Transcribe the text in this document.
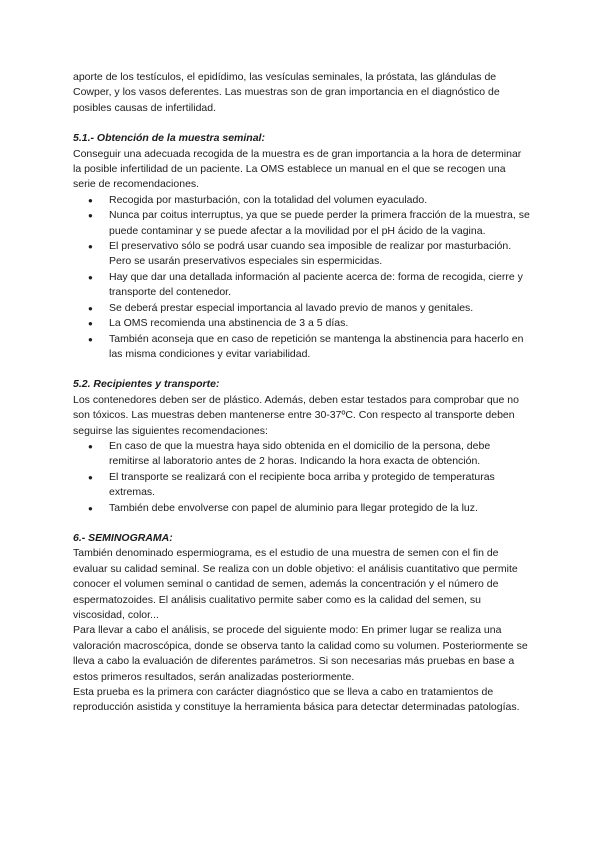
aporte de los testículos, el epidídimo, las vesículas seminales, la próstata, las glándulas de Cowper, y los vasos deferentes. Las muestras son de gran importancia en el diagnóstico de posibles causas de infertilidad.

5.1.- Obtención de la muestra seminal:

Conseguir una adecuada recogida de la muestra es de gran importancia a la hora de determinar la posible infertilidad de un paciente. La OMS establece un manual en el que se recogen una serie de recomendaciones.

● Recogida por masturbación, con la totalidad del volumen eyaculado.
● Nunca par coitus interruptus, ya que se puede perder la primera fracción de la muestra, se puede contaminar y se puede afectar a la movilidad por el pH ácido de la vagina.
● El preservativo sólo se podrá usar cuando sea imposible de realizar por masturbación. Pero se usarán preservativos especiales sin espermicidas.
● Hay que dar una detallada información al paciente acerca de: forma de recogida, cierre y transporte del contenedor.
● Se deberá prestar especial importancia al lavado previo de manos y genitales.
● La OMS recomienda una abstinencia de 3 a 5 días.
● También aconseja que en caso de repetición se mantenga la abstinencia para hacerlo en las misma condiciones y evitar variabilidad.

5.2. Recipientes y transporte:

Los contenedores deben ser de plástico. Además, deben estar testados para comprobar que no son tóxicos. Las muestras deben mantenerse entre 30-37ºC. Con respecto al transporte deben seguirse las siguientes recomendaciones:

● En caso de que la muestra haya sido obtenida en el domicilio de la persona, debe remitirse al laboratorio antes de 2 horas. Indicando la hora exacta de obtención.
● El transporte se realizará con el recipiente boca arriba y protegido de temperaturas extremas.
● También debe envolverse con papel de aluminio para llegar protegido de la luz.

6.- SEMINOGRAMA:

También denominado espermiograma, es el estudio de una muestra de semen con el fin de evaluar su calidad seminal. Se realiza con un doble objetivo: el análisis cuantitativo que permite conocer el volumen seminal o cantidad de semen, además la concentración y el número de espermatozoides. El análisis cualitativo permite saber como es la calidad del semen, su viscosidad, color...

Para llevar a cabo el análisis, se procede del siguiente modo: En primer lugar se realiza una valoración macroscópica, donde se observa tanto la calidad como su volumen. Posteriormente se lleva a cabo la evaluación de diferentes parámetros. Si son necesarias más pruebas en base a estos primeros resultados, serán analizadas posteriormente.

Esta prueba es la primera con carácter diagnóstico que se lleva a cabo en tratamientos de reproducción asistida y constituye la herramienta básica para detectar determinadas patologías.
